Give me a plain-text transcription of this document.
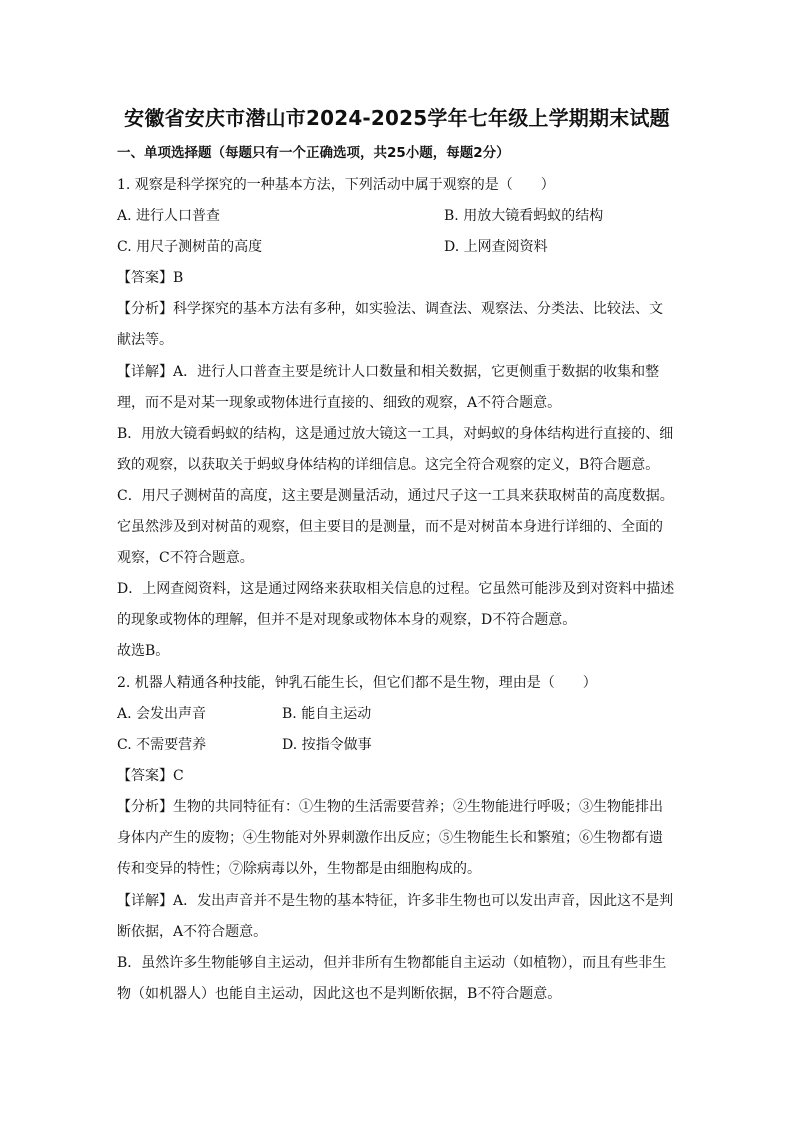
安徽省安庆市潜山市2024-2025学年七年级上学期期末试题
一、单项选择题（每题只有一个正确选项，共25小题，每题2分）
1. 观察是科学探究的一种基本方法，下列活动中属于观察的是（　　）
A. 进行人口普查	B. 用放大镜看蚂蚁的结构
C. 用尺子测树苗的高度	D. 上网查阅资料
【答案】B
【分析】科学探究的基本方法有多种，如实验法、调查法、观察法、分类法、比较法、文
献法等。
【详解】A．进行人口普查主要是统计人口数量和相关数据，它更侧重于数据的收集和整
理，而不是对某一现象或物体进行直接的、细致的观察，A不符合题意。
B．用放大镜看蚂蚁的结构，这是通过放大镜这一工具，对蚂蚁的身体结构进行直接的、细
致的观察，以获取关于蚂蚁身体结构的详细信息。这完全符合观察的定义，B符合题意。
C．用尺子测树苗的高度，这主要是测量活动，通过尺子这一工具来获取树苗的高度数据。
它虽然涉及到对树苗的观察，但主要目的是测量，而不是对树苗本身进行详细的、全面的
观察，C不符合题意。
D．上网查阅资料，这是通过网络来获取相关信息的过程。它虽然可能涉及到对资料中描述
的现象或物体的理解，但并不是对现象或物体本身的观察，D不符合题意。
故选B。
2. 机器人精通各种技能，钟乳石能生长，但它们都不是生物，理由是（　　）
A. 会发出声音	B. 能自主运动
C. 不需要营养	D. 按指令做事
【答案】C
【分析】生物的共同特征有：①生物的生活需要营养；②生物能进行呼吸；③生物能排出
身体内产生的废物；④生物能对外界刺激作出反应；⑤生物能生长和繁殖；⑥生物都有遗
传和变异的特性；⑦除病毒以外，生物都是由细胞构成的。
【详解】A．发出声音并不是生物的基本特征，许多非生物也可以发出声音，因此这不是判
断依据，A不符合题意。
B．虽然许多生物能够自主运动，但并非所有生物都能自主运动（如植物），而且有些非生
物（如机器人）也能自主运动，因此这也不是判断依据，B不符合题意。
